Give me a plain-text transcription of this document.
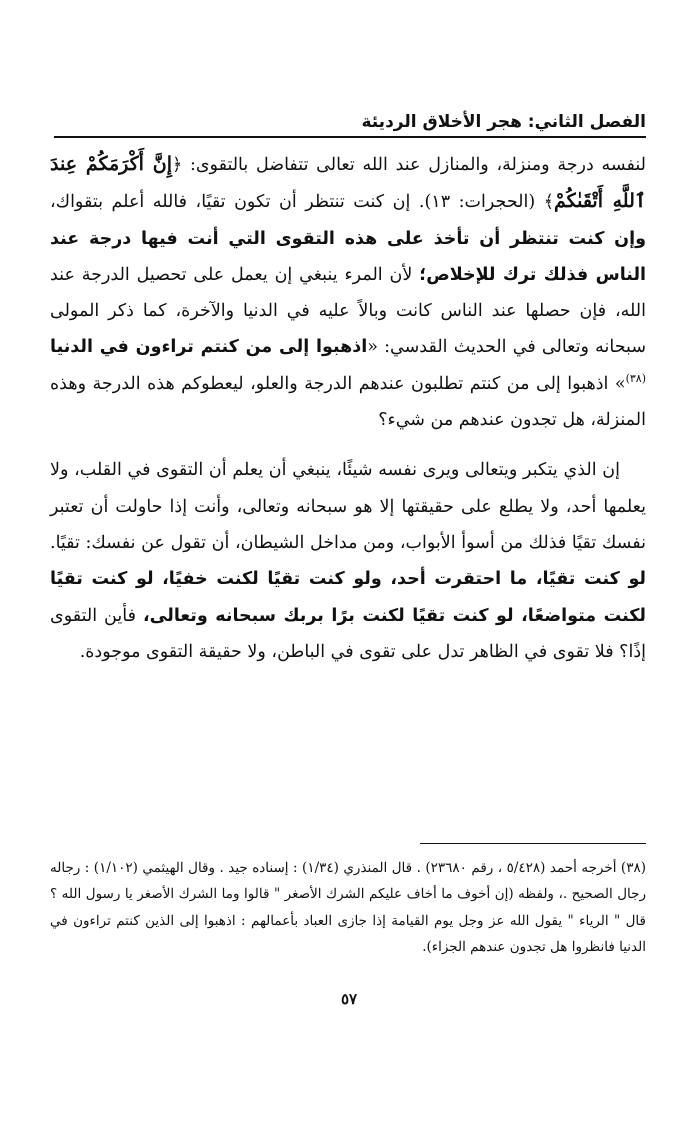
الفصل الثاني: هجر الأخلاق الرديئة

لنفسه درجة ومنزلة، والمنازل عند الله تعالى تتفاضل بالتقوى: ﴿إِنَّ أَكْرَمَكُمْ عِندَ ٱللَّهِ أَتْقَىٰكُمْ﴾ (الحجرات: ١٣). إن كنت تنتظر أن تكون تقيًا، فالله أعلم بتقواك، وإن كنت تنتظر أن تأخذ على هذه التقوى التي أنت فيها درجة عند الناس فذلك ترك للإخلاص؛ لأن المرء ينبغي إن يعمل على تحصيل الدرجة عند الله، فإن حصلها عند الناس كانت وبالاً عليه في الدنيا والآخرة، كما ذكر المولى سبحانه وتعالى في الحديث القدسي: «اذهبوا إلى من كنتم تراءون في الدنيا $^{(٣٨)}$» اذهبوا إلى من كنتم تطلبون عندهم الدرجة والعلو، ليعطوكم هذه الدرجة وهذه المنزلة، هل تجدون عندهم من شيء؟

إن الذي يتكبر ويتعالى ويرى نفسه شيئًا، ينبغي أن يعلم أن التقوى في القلب، ولا يعلمها أحد، ولا يطلع على حقيقتها إلا هو سبحانه وتعالى، وأنت إذا حاولت أن تعتبر نفسك تقيًا فذلك من أسوأ الأبواب، ومن مداخل الشيطان، أن تقول عن نفسك: تقيًا. لو كنت تقيًا، ما احتقرت أحد، ولو كنت تقيًا لكنت خفيًا، لو كنت تقيًا لكنت متواضعًا، لو كنت تقيًا لكنت برًا بربك سبحانه وتعالى، فأين التقوى إذًا؟ فلا تقوى في الظاهر تدل على تقوى في الباطن، ولا حقيقة التقوى موجودة.

(٣٨) أخرجه أحمد (٥/٤٢٨ ، رقم ٢٣٦٨٠) . قال المنذري (١/٣٤) : إسناده جيد . وقال الهيثمي (١/١٠٢) : رجاله رجال الصحيح .، ولفظه (إن أخوف ما أخاف عليكم الشرك الأصغر " قالوا وما الشرك الأصغر يا رسول الله ؟ قال " الرياء " يقول الله عز وجل يوم القيامة إذا جازى العباد بأعمالهم : اذهبوا إلى الذين كنتم تراءون في الدنيا فانظروا هل تجدون عندهم الجزاء).

٥٧
